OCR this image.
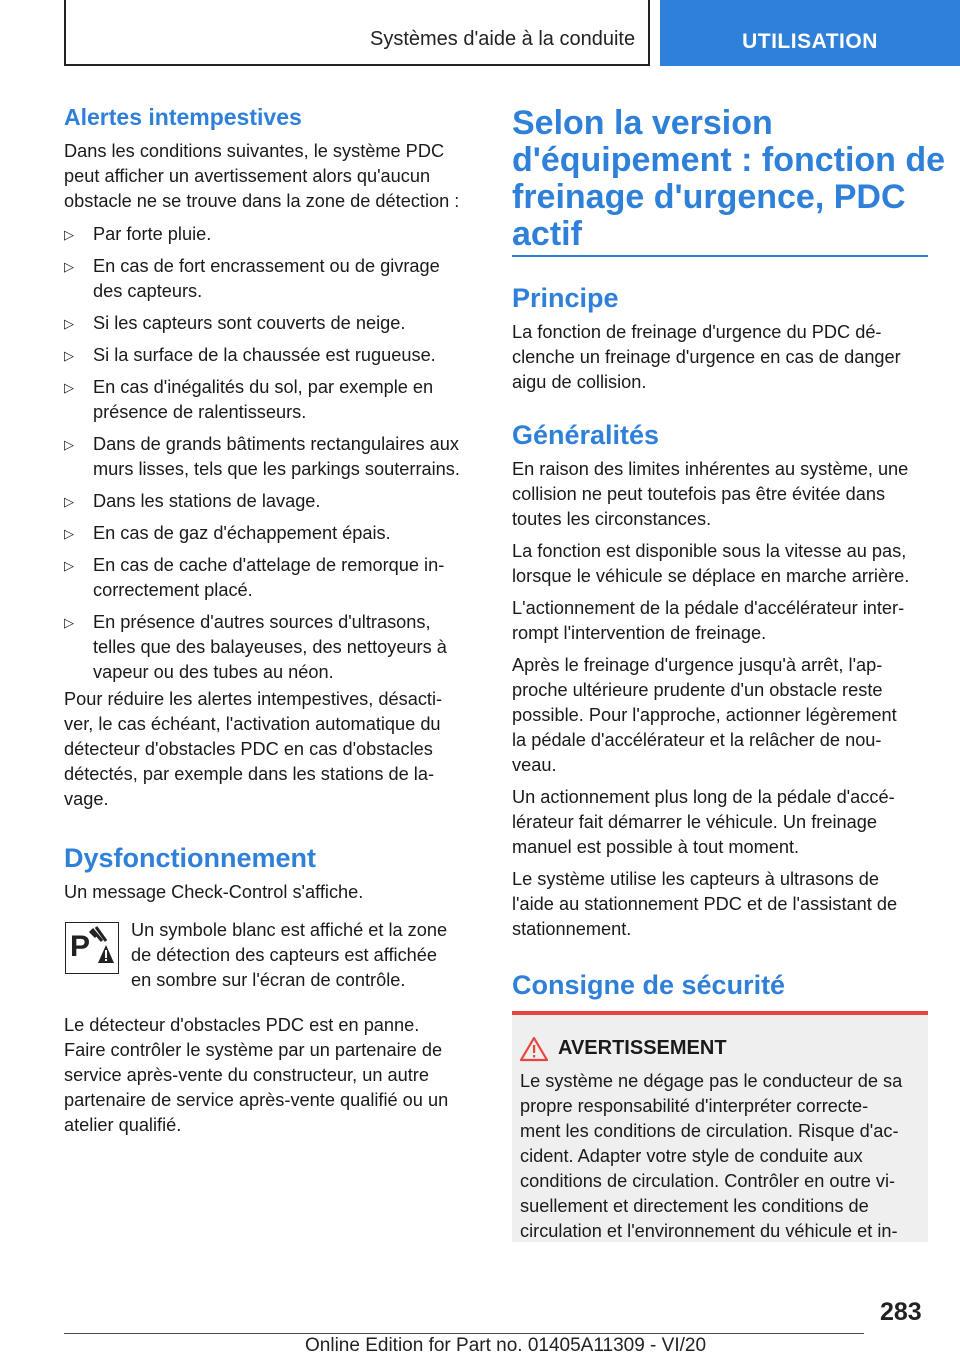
Systèmes d'aide à la conduite	UTILISATION
Alertes intempestives
Dans les conditions suivantes, le système PDC
peut afficher un avertissement alors qu'aucun
obstacle ne se trouve dans la zone de détection :
▷ Par forte pluie.
▷ En cas de fort encrassement ou de givrage
des capteurs.
▷ Si les capteurs sont couverts de neige.
▷ Si la surface de la chaussée est rugueuse.
▷ En cas d'inégalités du sol, par exemple en
présence de ralentisseurs.
▷ Dans de grands bâtiments rectangulaires aux
murs lisses, tels que les parkings souterrains.
▷ Dans les stations de lavage.
▷ En cas de gaz d'échappement épais.
▷ En cas de cache d'attelage de remorque in-
correctement placé.
▷ En présence d'autres sources d'ultrasons,
telles que des balayeuses, des nettoyeurs à
vapeur ou des tubes au néon.
Pour réduire les alertes intempestives, désacti-
ver, le cas échéant, l'activation automatique du
détecteur d'obstacles PDC en cas d'obstacles
détectés, par exemple dans les stations de la-
vage.
Dysfonctionnement
Un message Check-Control s'affiche.
P Un symbole blanc est affiché et la zone
de détection des capteurs est affichée
en sombre sur l'écran de contrôle.
Le détecteur d'obstacles PDC est en panne.
Faire contrôler le système par un partenaire de
service après-vente du constructeur, un autre
partenaire de service après-vente qualifié ou un
atelier qualifié.
Selon la version
d'équipement : fonction de
freinage d'urgence, PDC
actif
Principe
La fonction de freinage d'urgence du PDC dé-
clenche un freinage d'urgence en cas de danger
aigu de collision.
Généralités
En raison des limites inhérentes au système, une
collision ne peut toutefois pas être évitée dans
toutes les circonstances.
La fonction est disponible sous la vitesse au pas,
lorsque le véhicule se déplace en marche arrière.
L'actionnement de la pédale d'accélérateur inter-
rompt l'intervention de freinage.
Après le freinage d'urgence jusqu'à arrêt, l'ap-
proche ultérieure prudente d'un obstacle reste
possible. Pour l'approche, actionner légèrement
la pédale d'accélérateur et la relâcher de nou-
veau.
Un actionnement plus long de la pédale d'accé-
lérateur fait démarrer le véhicule. Un freinage
manuel est possible à tout moment.
Le système utilise les capteurs à ultrasons de
l'aide au stationnement PDC et de l'assistant de
stationnement.
Consigne de sécurité
AVERTISSEMENT
Le système ne dégage pas le conducteur de sa
propre responsabilité d'interpréter correcte-
ment les conditions de circulation. Risque d'ac-
cident. Adapter votre style de conduite aux
conditions de circulation. Contrôler en outre vi-
suellement et directement les conditions de
circulation et l'environnement du véhicule et in-
283
Online Edition for Part no. 01405A11309 - VI/20
